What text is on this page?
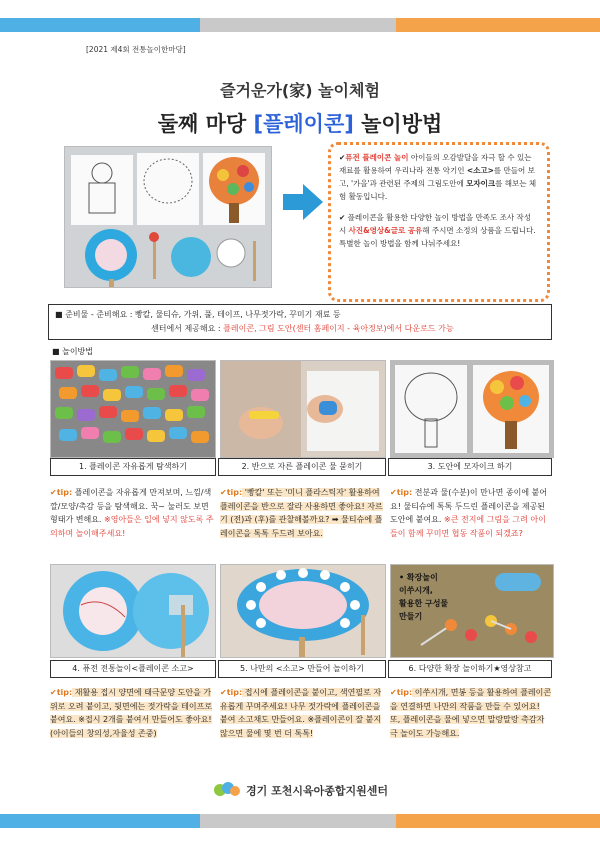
[2021 제4회 전통놀이한마당]
즐거운가(家) 놀이체험
둘째 마당 [플레이콘] 놀이방법

✔퓨전 플레이콘 놀이 아이들의 오감발달을 자극 할 수 있는 재료를 활용하여 우리나라 전통 악기인 <소고>를 만들어 보고, '가을'과 관련된 주제의 그림도안에 모자이크를 해보는 체험 활동입니다.

✔ 플레이콘을 활용한 다양한 놀이 방법을 만족도 조사 작성 시 사진&영상&글로 공유해 주시면 소정의 상품을 드립니다. 특별한 놀이 방법을 함께 나눠주세요!

■ 준비물 - 준비해요 : 빵칼, 물티슈, 가위, 풀, 테이프, 나무젓가락, 꾸미기 재료 등
센터에서 제공해요 : 플레이콘, 그림 도안(센터 홈페이지 - 육아정보)에서 다운로드 가능
■ 놀이방법
1. 플레이콘 자유롭게 탐색하기	2. 반으로 자른 플레이콘 물 묻히기	3. 도안에 모자이크 하기
✔tip: 플레이콘을 자유롭게 만져보며, 느낌/색깔/모양/촉감 등을 탐색해요. 꾹~ 눌러도 보면 형태가 변해요. ※영아들은 입에 넣지 않도록 주의하며 놀이해주세요!
✔tip: '빵칼' 또는 '미니 플라스틱자' 활용하여 플레이콘을 반으로 잘라 사용하면 좋아요! 자르기 (전)과 (후)를 관찰해볼까요? ➡ 물티슈에 플레이콘을 톡톡 두드려 보아요.
✔tip: 전분과 물(수분)이 만나면 종이에 붙어요! 물티슈에 톡톡 두드린 플레이콘을 제공된 도안에 붙여요. ※큰 전지에 그림을 그려 아이들이 함께 꾸미면 협동 작품이 되겠죠?
• 확장놀이
이쑤시개,
활용한 구성물
만들기
4. 퓨전 전통놀이<플레이콘 소고>	5. 나만의 <소고> 만들어 놀이하기	6. 다양한 확장 놀이하기★영상참고
✔tip: 재활용 접시 양면에 태극문양 도안을 가위로 오려 붙이고, 뒷면에는 젓가락을 테이프로 붙여요. ※접시 2개를 붙여서 만들어도 좋아요!(아이들의 창의성,자율성 존중)
✔tip: 접시에 플레이콘을 붙이고, 색연필로 자유롭게 꾸며주세요! 나무 젓가락에 플레이콘을 붙여 소고채도 만들어요. ※플레이콘이 잘 붙지 않으면 물에 몇 번 더 톡톡!
✔tip: 이쑤시개, 면봉 등을 활용하여 플레이콘을 연결하면 나만의 작품을 만들 수 있어요! 또, 플레이콘을 물에 넣으면 말랑말랑 촉감자극 놀이도 가능해요.
경기 포천시육아종합지원센터
